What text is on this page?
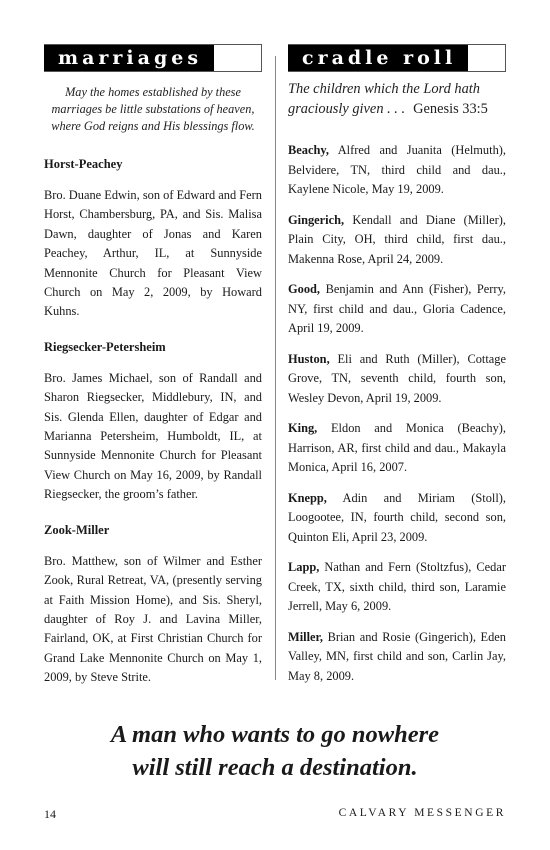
marriages
May the homes established by these marriages be little substations of heaven, where God reigns and His blessings flow.
Horst-Peachey
Bro. Duane Edwin, son of Edward and Fern Horst, Chambersburg, PA, and Sis. Malisa Dawn, daughter of Jonas and Karen Peachey, Arthur, IL, at Sunnyside Mennonite Church for Pleasant View Church on May 2, 2009, by Howard Kuhns.
Riegsecker-Petersheim
Bro. James Michael, son of Randall and Sharon Riegsecker, Middlebury, IN, and Sis. Glenda Ellen, daughter of Edgar and Marianna Petersheim, Humboldt, IL, at Sunnyside Mennonite Church for Pleasant View Church on May 16, 2009, by Randall Riegsecker, the groom’s father.
Zook-Miller
Bro. Matthew, son of Wilmer and Esther Zook, Rural Retreat, VA, (presently serving at Faith Mission Home), and Sis. Sheryl, daughter of Roy J. and Lavina Miller, Fairland, OK, at First Christian Church for Grand Lake Mennonite Church on May 1, 2009, by Steve Strite.
cradle roll
The children which the Lord hath graciously given . . . Genesis 33:5
Beachy, Alfred and Juanita (Helmuth), Belvidere, TN, third child and dau., Kaylene Nicole, May 19, 2009.
Gingerich, Kendall and Diane (Miller), Plain City, OH, third child, first dau., Makenna Rose, April 24, 2009.
Good, Benjamin and Ann (Fisher), Perry, NY, first child and dau., Gloria Cadence, April 19, 2009.
Huston, Eli and Ruth (Miller), Cottage Grove, TN, seventh child, fourth son, Wesley Devon, April 19, 2009.
King, Eldon and Monica (Beachy), Harrison, AR, first child and dau., Makayla Monica, April 16, 2007.
Knepp, Adin and Miriam (Stoll), Loogootee, IN, fourth child, second son, Quinton Eli, April 23, 2009.
Lapp, Nathan and Fern (Stoltzfus), Cedar Creek, TX, sixth child, third son, Laramie Jerrell, May 6, 2009.
Miller, Brian and Rosie (Gingerich), Eden Valley, MN, first child and son, Carlin Jay, May 8, 2009.
A man who wants to go nowhere
will still reach a destination.
14	CALVARY MESSENGER
